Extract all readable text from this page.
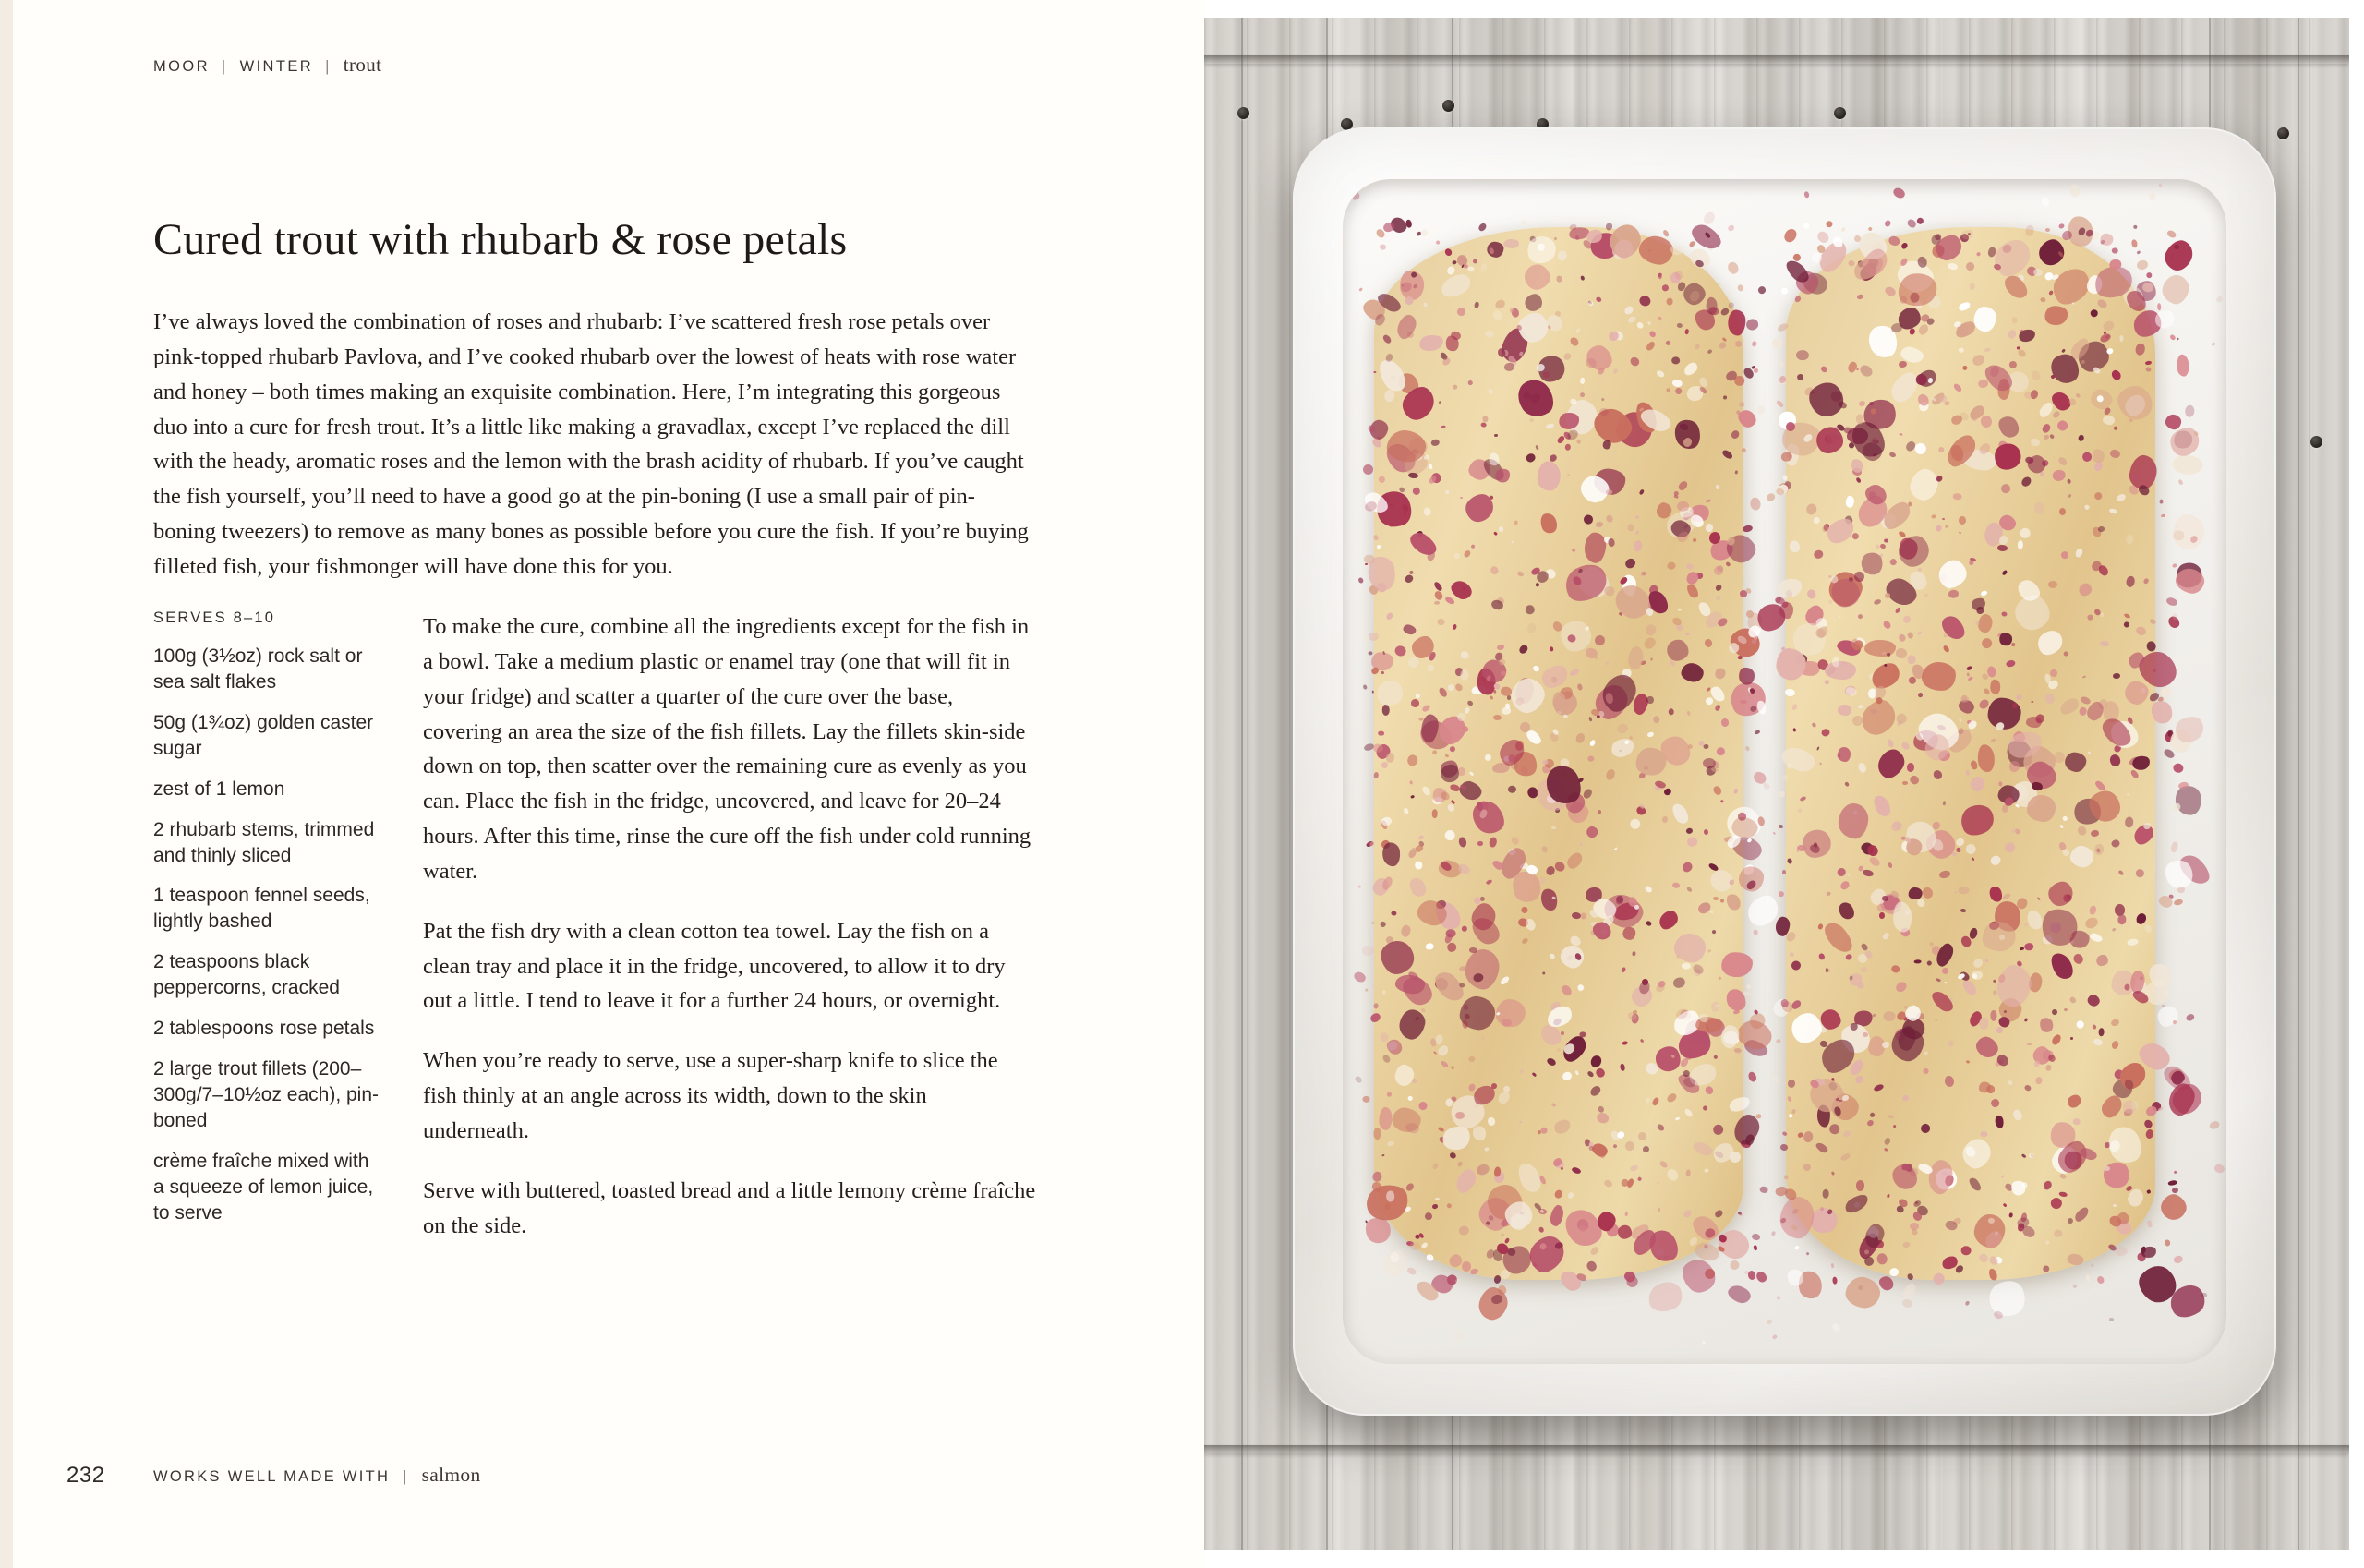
MOOR | WINTER | trout
Cured trout with rhubarb & rose petals
I’ve always loved the combination of roses and rhubarb: I’ve scattered fresh rose petals over pink-topped rhubarb Pavlova, and I’ve cooked rhubarb over the lowest of heats with rose water and honey – both times making an exquisite combination. Here, I’m integrating this gorgeous duo into a cure for fresh trout. It’s a little like making a gravadlax, except I’ve replaced the dill with the heady, aromatic roses and the lemon with the brash acidity of rhubarb. If you’ve caught the fish yourself, you’ll need to have a good go at the pin-boning (I use a small pair of pin-boning tweezers) to remove as many bones as possible before you cure the fish. If you’re buying filleted fish, your fishmonger will have done this for you.
SERVES 8–10
100g (3½oz) rock salt or sea salt flakes
50g (1¾oz) golden caster sugar
zest of 1 lemon
2 rhubarb stems, trimmed and thinly sliced
1 teaspoon fennel seeds, lightly bashed
2 teaspoons black peppercorns, cracked
2 tablespoons rose petals
2 large trout fillets (200–300g/7–10½oz each), pin-boned
crème fraîche mixed with a squeeze of lemon juice, to serve

To make the cure, combine all the ingredients except for the fish in a bowl. Take a medium plastic or enamel tray (one that will fit in your fridge) and scatter a quarter of the cure over the base, covering an area the size of the fish fillets. Lay the fillets skin-side down on top, then scatter over the remaining cure as evenly as you can. Place the fish in the fridge, uncovered, and leave for 20–24 hours. After this time, rinse the cure off the fish under cold running water.

Pat the fish dry with a clean cotton tea towel. Lay the fish on a clean tray and place it in the fridge, uncovered, to allow it to dry out a little. I tend to leave it for a further 24 hours, or overnight.

When you’re ready to serve, use a super-sharp knife to slice the fish thinly at an angle across its width, down to the skin underneath.

Serve with buttered, toasted bread and a little lemony crème fraîche on the side.

232	WORKS WELL MADE WITH | salmon
